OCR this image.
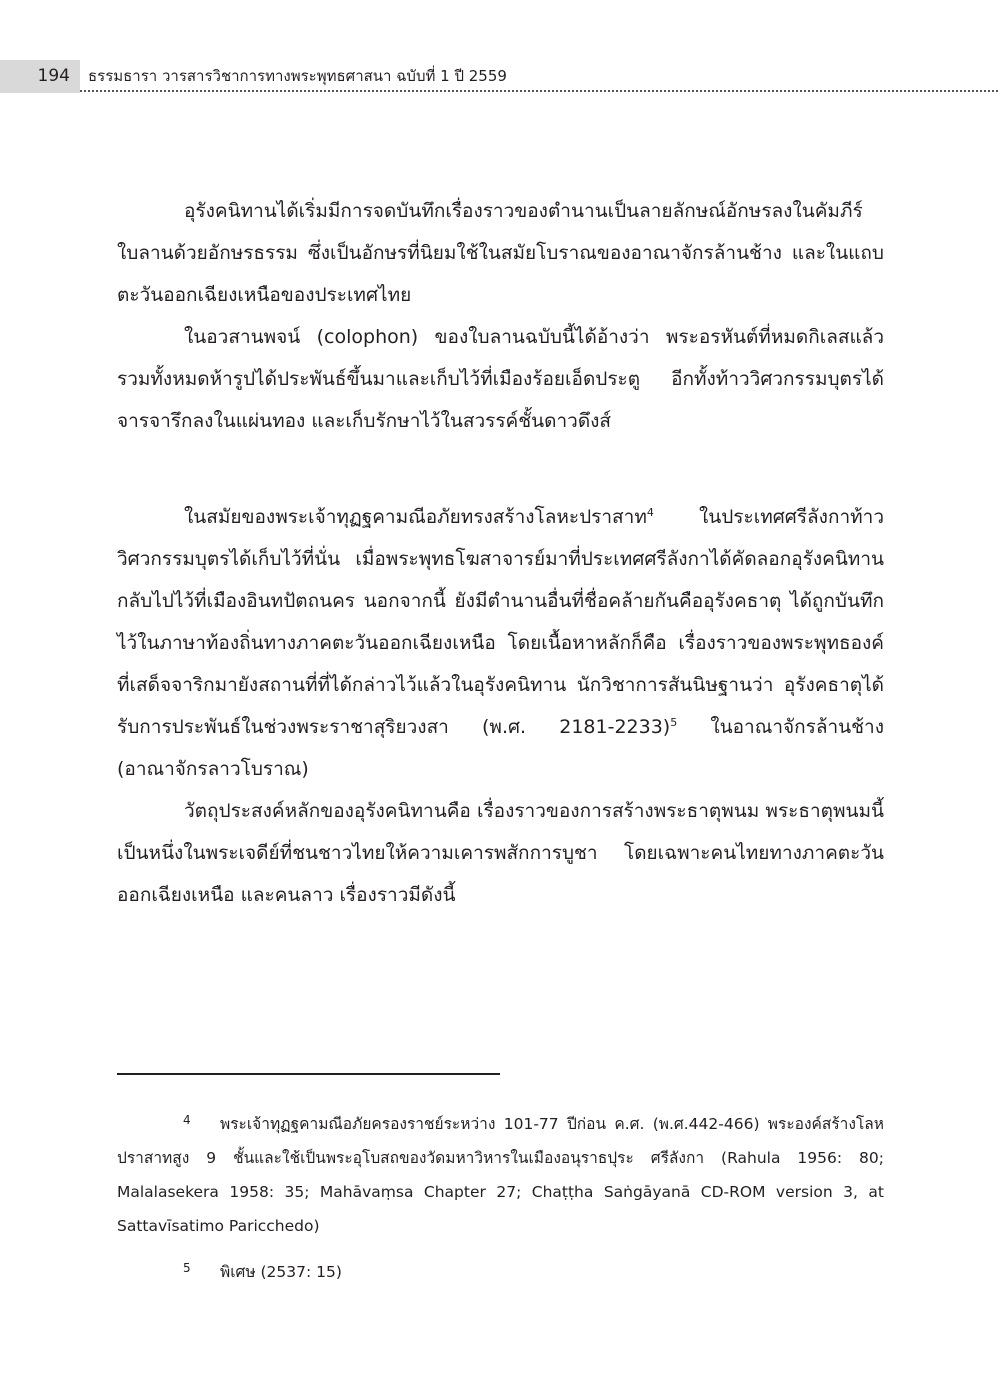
194	ธรรมธารา วารสารวิชาการทางพระพุทธศาสนา ฉบับที่ 1 ปี 2559

อุรังคนิทานได้เริ่มมีการจดบันทึกเรื่องราวของตำนานเป็นลายลักษณ์อักษรลงในคัมภีร์ใบลานด้วยอักษรธรรม ซึ่งเป็นอักษรที่นิยมใช้ในสมัยโบราณของอาณาจักรล้านช้าง และในแถบตะวันออกเฉียงเหนือของประเทศไทย

ในอวสานพจน์ (colophon) ของใบลานฉบับนี้ได้อ้างว่า พระอรหันต์ที่หมดกิเลสแล้วรวมทั้งหมดห้ารูปได้ประพันธ์ขึ้นมาและเก็บไว้ที่เมืองร้อยเอ็ดประตู อีกทั้งท้าววิศวกรรมบุตรได้จารจารึกลงในแผ่นทอง และเก็บรักษาไว้ในสวรรค์ชั้นดาวดึงส์

ในสมัยของพระเจ้าทุฏฐคามณีอภัยทรงสร้างโลหะปราสาท$^4$ ในประเทศศรีลังกาท้าววิศวกรรมบุตรได้เก็บไว้ที่นั่น เมื่อพระพุทธโฆสาจารย์มาที่ประเทศศรีลังกาได้คัดลอกอุรังคนิทานกลับไปไว้ที่เมืองอินทปัตถนคร นอกจากนี้ ยังมีตำนานอื่นที่ชื่อคล้ายกันคืออุรังคธาตุ ได้ถูกบันทึกไว้ในภาษาท้องถิ่นทางภาคตะวันออกเฉียงเหนือ โดยเนื้อหาหลักก็คือ เรื่องราวของพระพุทธองค์ที่เสด็จจาริกมายังสถานที่ที่ได้กล่าวไว้แล้วในอุรังคนิทาน นักวิชาการสันนิษฐานว่า อุรังคธาตุได้รับการประพันธ์ในช่วงพระราชาสุริยวงสา (พ.ศ. 2181-2233)$^5$ ในอาณาจักรล้านช้าง (อาณาจักรลาวโบราณ)

วัตถุประสงค์หลักของอุรังคนิทานคือ เรื่องราวของการสร้างพระธาตุพนม พระธาตุพนมนี้เป็นหนึ่งในพระเจดีย์ที่ชนชาวไทยให้ความเคารพสักการบูชา โดยเฉพาะคนไทยทางภาคตะวันออกเฉียงเหนือ และคนลาว เรื่องราวมีดังนี้

4 พระเจ้าทุฏฐคามณีอภัยครองราชย์ระหว่าง 101-77 ปีก่อน ค.ศ. (พ.ศ.442-466) พระองค์สร้างโลหปราสาทสูง 9 ชั้นและใช้เป็นพระอุโบสถของวัดมหาวิหารในเมืองอนุราธปุระ ศรีลังกา (Rahula 1956: 80; Malalasekera 1958: 35; Mahāvaṃsa Chapter 27; Chaṭṭha Saṅgāyanā CD-ROM version 3, at Sattavīsatimo Paricchedo)

5 พิเศษ (2537: 15)
